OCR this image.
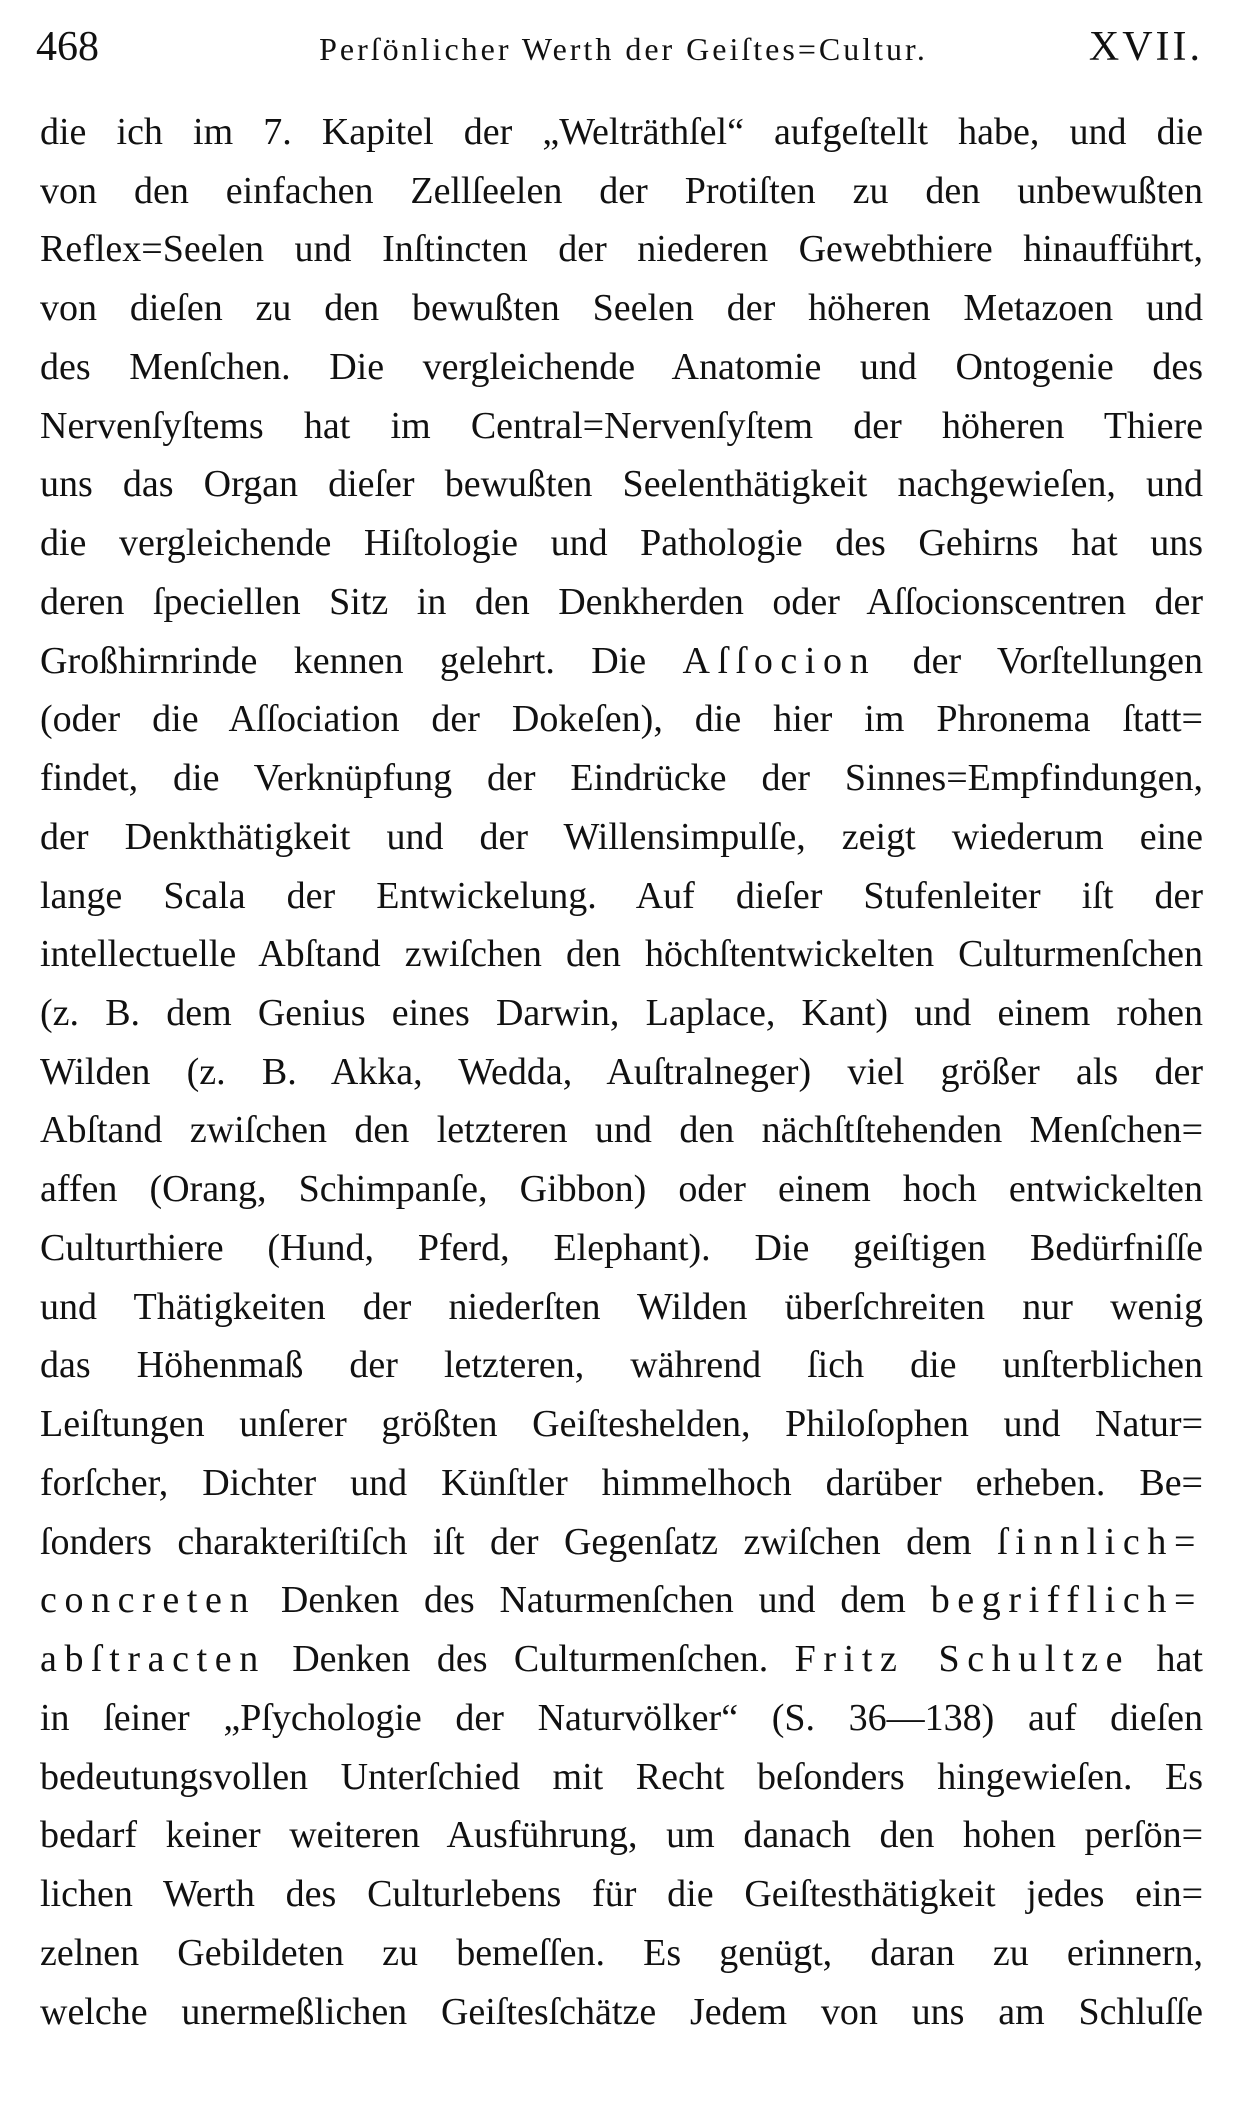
468	Perſönlicher Werth der Geiſtes=Cultur.	XVII.
die ich im 7. Kapitel der „Welträthſel“ aufgeſtellt habe, und die
von den einfachen Zellſeelen der Protiſten zu den unbewußten
Reflex=Seelen und Inſtincten der niederen Gewebthiere hinaufführt,
von dieſen zu den bewußten Seelen der höheren Metazoen und
des Menſchen. Die vergleichende Anatomie und Ontogenie des
Nervenſyſtems hat im Central=Nervenſyſtem der höheren Thiere
uns das Organ dieſer bewußten Seelenthätigkeit nachgewieſen, und
die vergleichende Hiſtologie und Pathologie des Gehirns hat uns
deren ſpeciellen Sitz in den Denkherden oder Aſſocionscentren der
Großhirnrinde kennen gelehrt. Die Aſſocion der Vorſtellungen
(oder die Aſſociation der Dokeſen), die hier im Phronema ſtatt=
findet, die Verknüpfung der Eindrücke der Sinnes=Empfindungen,
der Denkthätigkeit und der Willensimpulſe, zeigt wiederum eine
lange Scala der Entwickelung. Auf dieſer Stufenleiter iſt der
intellectuelle Abſtand zwiſchen den höchſtentwickelten Culturmenſchen
(z. B. dem Genius eines Darwin, Laplace, Kant) und einem rohen
Wilden (z. B. Akka, Wedda, Auſtralneger) viel größer als der
Abſtand zwiſchen den letzteren und den nächſtſtehenden Menſchen=
affen (Orang, Schimpanſe, Gibbon) oder einem hoch entwickelten
Culturthiere (Hund, Pferd, Elephant). Die geiſtigen Bedürfniſſe
und Thätigkeiten der niederſten Wilden überſchreiten nur wenig
das Höhenmaß der letzteren, während ſich die unſterblichen
Leiſtungen unſerer größten Geiſteshelden, Philoſophen und Natur=
forſcher, Dichter und Künſtler himmelhoch darüber erheben. Be=
ſonders charakteriſtiſch iſt der Gegenſatz zwiſchen dem ſinnlich=
concreten Denken des Naturmenſchen und dem begrifflich=
abſtracten Denken des Culturmenſchen. Fritz Schultze hat
in ſeiner „Pſychologie der Naturvölker“ (S. 36—138) auf dieſen
bedeutungsvollen Unterſchied mit Recht beſonders hingewieſen. Es
bedarf keiner weiteren Ausführung, um danach den hohen perſön=
lichen Werth des Culturlebens für die Geiſtesthätigkeit jedes ein=
zelnen Gebildeten zu bemeſſen. Es genügt, daran zu erinnern,
welche unermeßlichen Geiſtesſchätze Jedem von uns am Schluſſe
